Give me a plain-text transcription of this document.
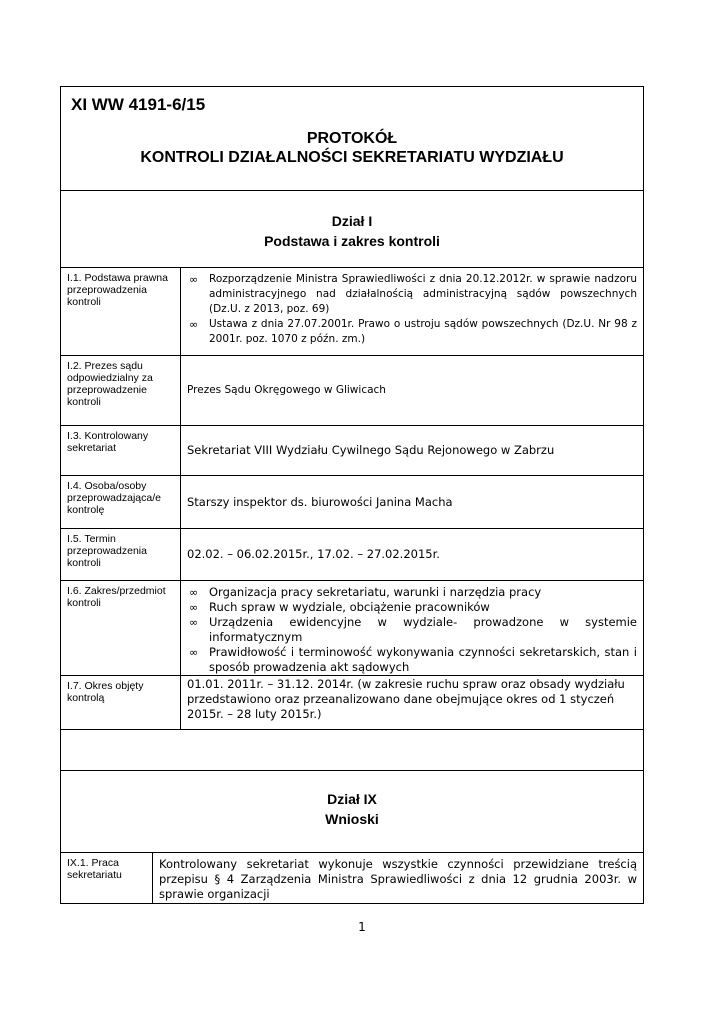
XI WW 4191-6/15
PROTOKÓŁ
KONTROLI DZIAŁALNOŚCI SEKRETARIATU WYDZIAŁU
Dział I
Podstawa i zakres kontroli
I.1. Podstawa prawna przeprowadzenia kontroli
∞ Rozporządzenie Ministra Sprawiedliwości z dnia 20.12.2012r. w sprawie nadzoru administracyjnego nad działalnością administracyjną sądów powszechnych (Dz.U. z 2013, poz. 69)
∞ Ustawa z dnia 27.07.2001r. Prawo o ustroju sądów powszechnych (Dz.U. Nr 98 z 2001r. poz. 1070 z późn. zm.)
I.2. Prezes sądu odpowiedzialny za przeprowadzenie kontroli
Prezes Sądu Okręgowego w Gliwicach
I.3. Kontrolowany sekretariat	Sekretariat VIII Wydziału Cywilnego Sądu Rejonowego w Zabrzu
I.4. Osoba/osoby przeprowadzająca/e kontrolę
Starszy inspektor ds. biurowości Janina Macha
I.5. Termin przeprowadzenia kontroli
02.02. – 06.02.2015r., 17.02. – 27.02.2015r.
I.6. Zakres/przedmiot kontroli
∞ Organizacja pracy sekretariatu, warunki i narzędzia pracy
∞ Ruch spraw w wydziale, obciążenie pracowników
∞ Urządzenia ewidencyjne w wydziale- prowadzone w systemie informatycznym
∞ Prawidłowość i terminowość wykonywania czynności sekretarskich, stan i sposób prowadzenia akt sądowych
I.7. Okres objęty kontrolą
01.01. 2011r. – 31.12. 2014r. (w zakresie ruchu spraw oraz obsady wydziału przedstawiono oraz przeanalizowano dane obejmujące okres od 1 styczeń 2015r. – 28 luty 2015r.)
Dział IX
Wnioski
IX.1. Praca sekretariatu
Kontrolowany sekretariat wykonuje wszystkie czynności przewidziane treścią przepisu § 4 Zarządzenia Ministra Sprawiedliwości z dnia 12 grudnia 2003r. w sprawie organizacji
1
